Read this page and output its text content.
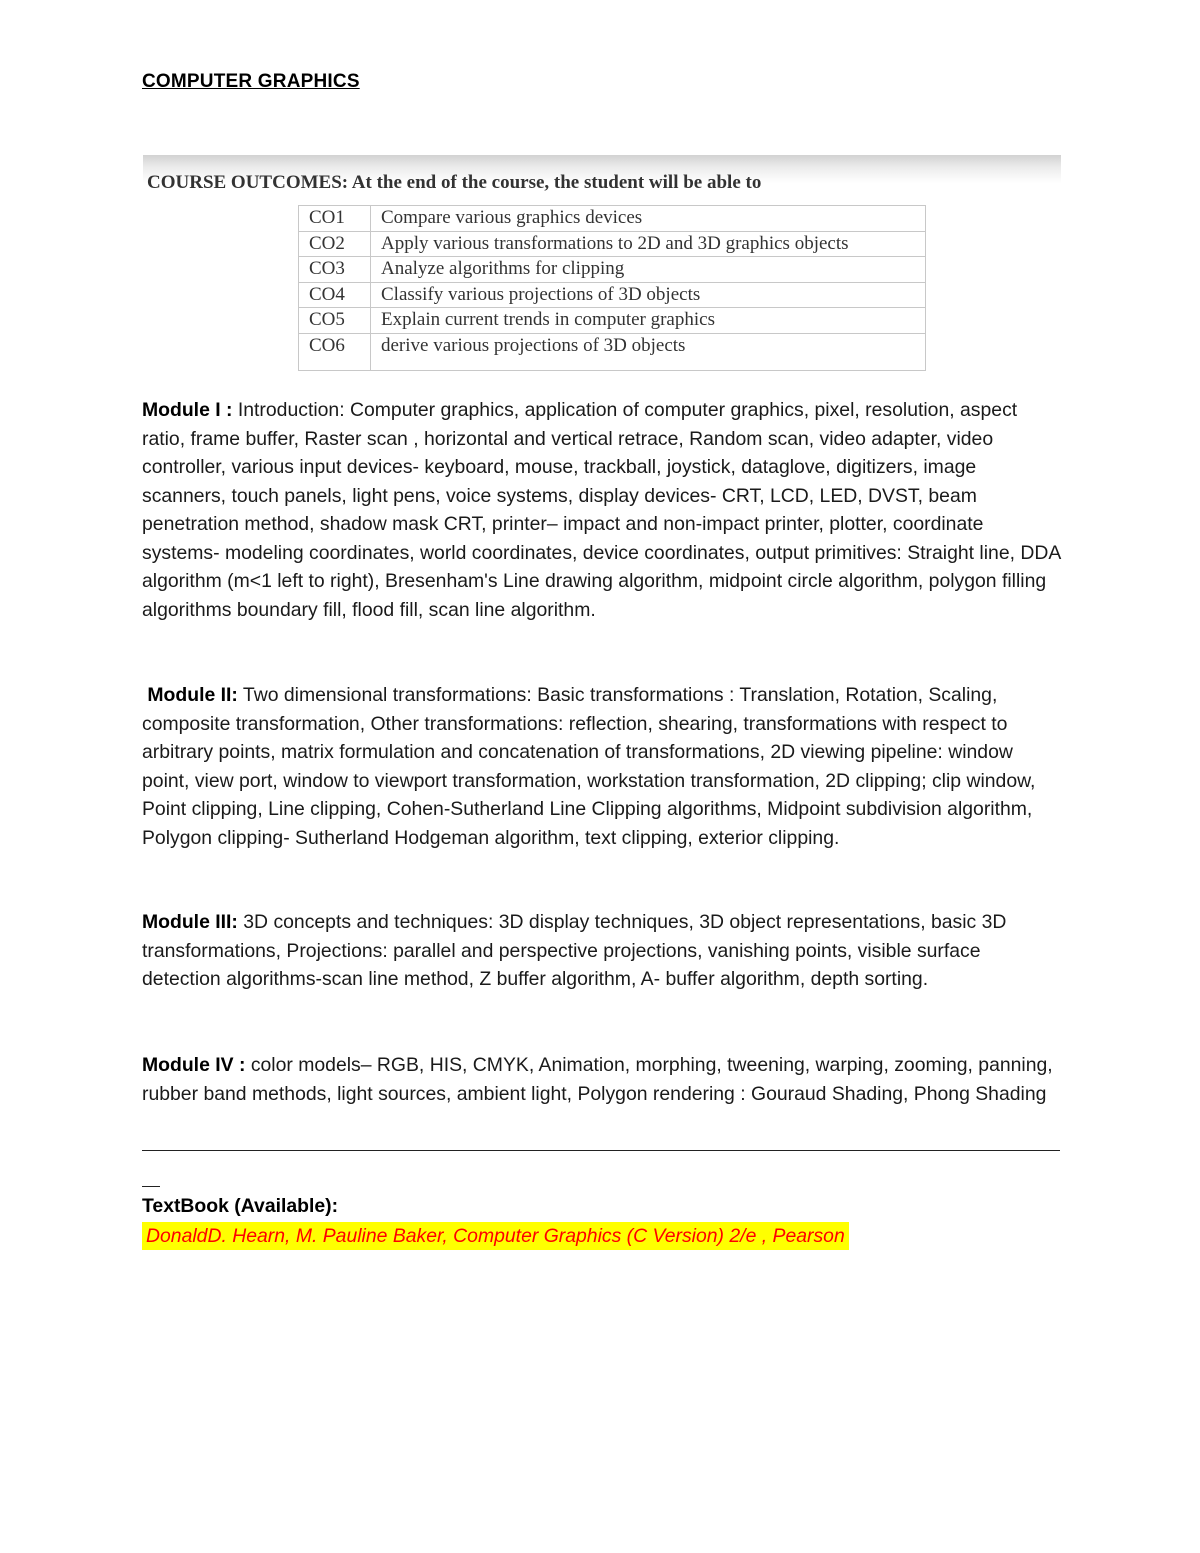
COMPUTER GRAPHICS
COURSE OUTCOMES: At the end of the course, the student will be able to
CO1	Compare various graphics devices
CO2	Apply various transformations to 2D and 3D graphics objects
CO3	Analyze algorithms for clipping
CO4	Classify various projections of 3D objects
CO5	Explain current trends in computer graphics
CO6	derive various projections of 3D objects

Module I : Introduction: Computer graphics, application of computer graphics, pixel, resolution, aspect ratio, frame buffer, Raster scan , horizontal and vertical retrace, Random scan, video adapter, video controller, various input devices- keyboard, mouse, trackball, joystick, dataglove, digitizers, image scanners, touch panels, light pens, voice systems, display devices- CRT, LCD, LED, DVST, beam penetration method, shadow mask CRT, printer– impact and non-impact printer, plotter, coordinate systems- modeling coordinates, world coordinates, device coordinates, output primitives: Straight line, DDA algorithm (m<1 left to right), Bresenham's Line drawing algorithm, midpoint circle algorithm, polygon filling algorithms boundary fill, flood fill, scan line algorithm.

Module II: Two dimensional transformations: Basic transformations : Translation, Rotation, Scaling, composite transformation, Other transformations: reflection, shearing, transformations with respect to arbitrary points, matrix formulation and concatenation of transformations, 2D viewing pipeline: window point, view port, window to viewport transformation, workstation transformation, 2D clipping; clip window, Point clipping, Line clipping, Cohen-Sutherland Line Clipping algorithms, Midpoint subdivision algorithm, Polygon clipping- Sutherland Hodgeman algorithm, text clipping, exterior clipping.

Module III: 3D concepts and techniques: 3D display techniques, 3D object representations, basic 3D transformations, Projections: parallel and perspective projections, vanishing points, visible surface detection algorithms-scan line method, Z buffer algorithm, A- buffer algorithm, depth sorting.

Module IV : color models– RGB, HIS, CMYK, Animation, morphing, tweening, warping, zooming, panning, rubber band methods, light sources, ambient light, Polygon rendering : Gouraud Shading, Phong Shading

TextBook (Available):
DonaldD. Hearn, M. Pauline Baker, Computer Graphics (C Version) 2/e , Pearson
